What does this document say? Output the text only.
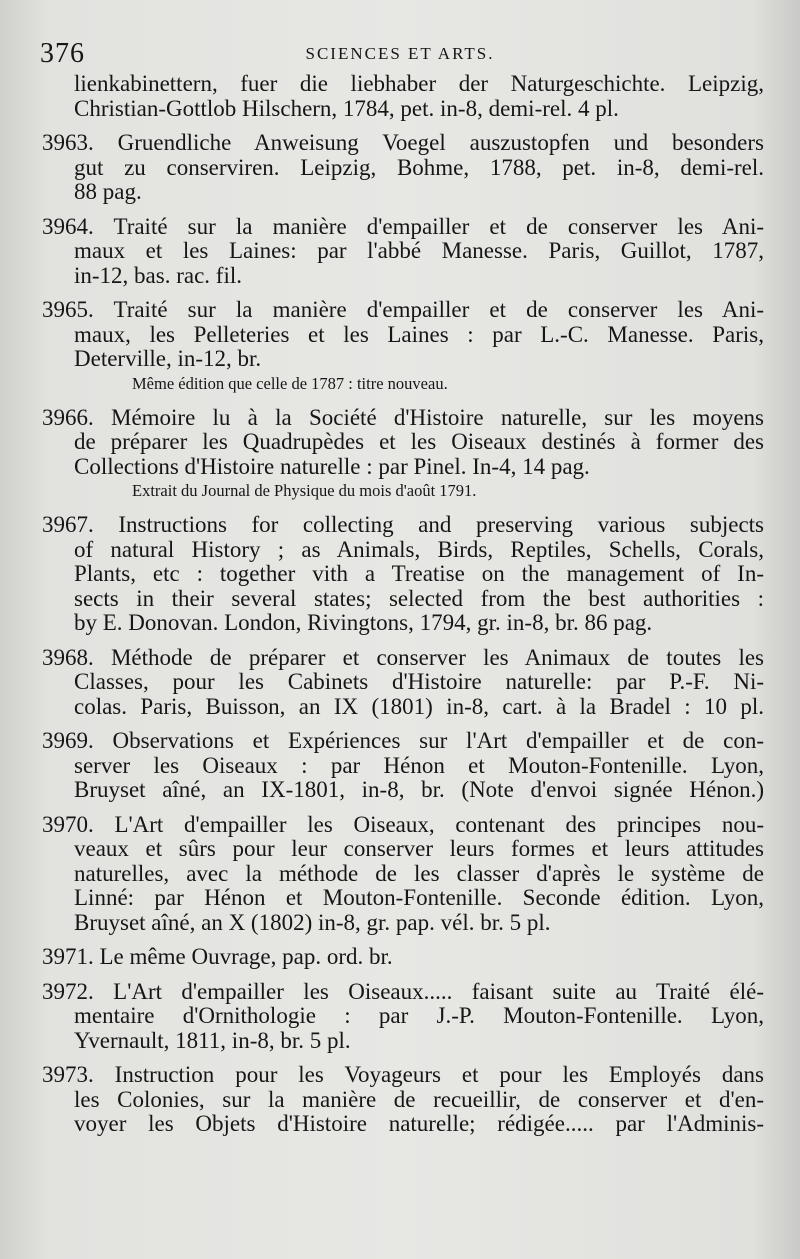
376	SCIENCES ET ARTS.
lienkabinettern, fuer die liebhaber der Naturgeschichte. Leipzig,
Christian-Gottlob Hilschern, 1784, pet. in-8, demi-rel. 4 pl.
3963. Gruendliche Anweisung Voegel auszustopfen und besonders
gut zu conserviren. Leipzig, Bohme, 1788, pet. in-8, demi-rel.
88 pag.
3964. Traité sur la manière d'empailler et de conserver les Ani-
maux et les Laines: par l'abbé Manesse. Paris, Guillot, 1787,
in-12, bas. rac. fil.
3965. Traité sur la manière d'empailler et de conserver les Ani-
maux, les Pelleteries et les Laines : par L.-C. Manesse. Paris,
Deterville, in-12, br.
Même édition que celle de 1787 : titre nouveau.
3966. Mémoire lu à la Société d'Histoire naturelle, sur les moyens
de préparer les Quadrupèdes et les Oiseaux destinés à former des
Collections d'Histoire naturelle : par Pinel. In-4, 14 pag.
Extrait du Journal de Physique du mois d'août 1791.
3967. Instructions for collecting and preserving various subjects
of natural History ; as Animals, Birds, Reptiles, Schells, Corals,
Plants, etc : together vith a Treatise on the management of In-
sects in their several states; selected from the best authorities :
by E. Donovan. London, Rivingtons, 1794, gr. in-8, br. 86 pag.
3968. Méthode de préparer et conserver les Animaux de toutes les
Classes, pour les Cabinets d'Histoire naturelle: par P.-F. Ni-
colas. Paris, Buisson, an IX (1801) in-8, cart. à la Bradel : 10 pl.
3969. Observations et Expériences sur l'Art d'empailler et de con-
server les Oiseaux : par Hénon et Mouton-Fontenille. Lyon,
Bruyset aîné, an IX-1801, in-8, br. (Note d'envoi signée Hénon.)
3970. L'Art d'empailler les Oiseaux, contenant des principes nou-
veaux et sûrs pour leur conserver leurs formes et leurs attitudes
naturelles, avec la méthode de les classer d'après le système de
Linné: par Hénon et Mouton-Fontenille. Seconde édition. Lyon,
Bruyset aîné, an X (1802) in-8, gr. pap. vél. br. 5 pl.
3971. Le même Ouvrage, pap. ord. br.
3972. L'Art d'empailler les Oiseaux..... faisant suite au Traité élé-
mentaire d'Ornithologie : par J.-P. Mouton-Fontenille. Lyon,
Yvernault, 1811, in-8, br. 5 pl.
3973. Instruction pour les Voyageurs et pour les Employés dans
les Colonies, sur la manière de recueillir, de conserver et d'en-
voyer les Objets d'Histoire naturelle; rédigée..... par l'Adminis-
